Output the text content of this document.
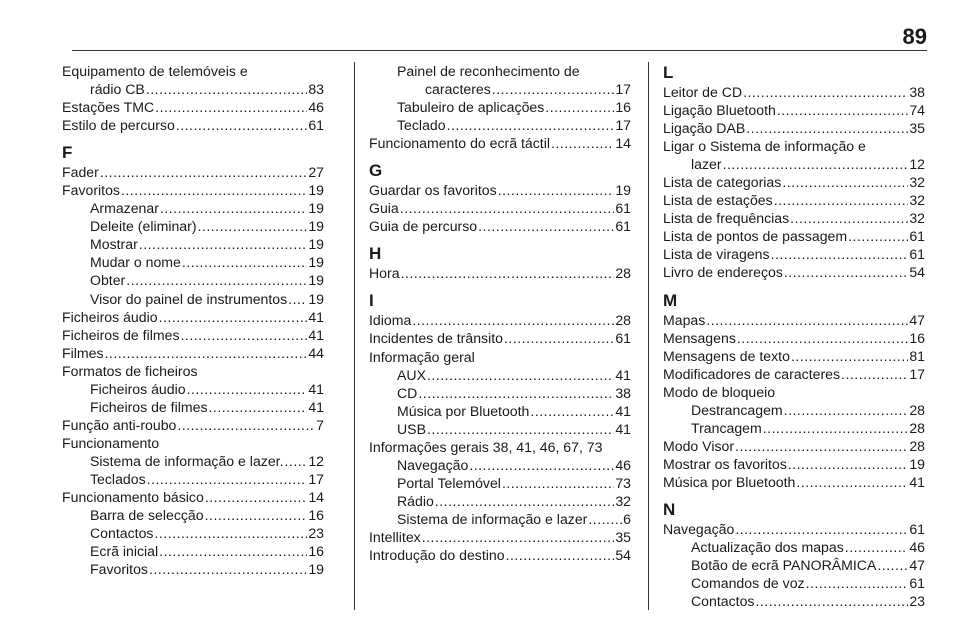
89
Equipamento de telemóveis e
rádio CB .....	83
Estações TMC .....	46
Estilo de percurso .....	61
F
Fader .....	27
Favoritos .....	19
Armazenar .....	19
Deleite (eliminar) .....	19
Mostrar .....	19
Mudar o nome .....	19
Obter .....	19
Visor do painel de instrumentos ..... 19
Ficheiros áudio .....	41
Ficheiros de filmes .....	41
Filmes .....	44
Formatos de ficheiros
Ficheiros áudio .....	41
Ficheiros de filmes .....	41
Função anti-roubo .....	7
Funcionamento
Sistema de informação e lazer. ..... 12
Teclados .....	17
Funcionamento básico .....	14
Barra de selecção .....	16
Contactos .....	23
Ecrã inicial .....	16
Favoritos .....	19
Painel de reconhecimento de
caracteres .....	17
Tabuleiro de aplicações .....	16
Teclado .....	17
Funcionamento do ecrã táctil .....	14
G
Guardar os favoritos .....	19
Guia .....	61
Guia de percurso .....	61
H
Hora .....	28
I
Idioma .....	28
Incidentes de trânsito .....	61
Informação geral
AUX .....	41
CD .....	38
Música por Bluetooth .....	41
USB .....	41
Informações gerais 38, 41, 46, 67, 73
Navegação .....	46
Portal Telemóvel .....	73
Rádio .....	32
Sistema de informação e lazer .....	6
Intellitex .....	35
Introdução do destino .....	54
L
Leitor de CD .....	38
Ligação Bluetooth .....	74
Ligação DAB .....	35
Ligar o Sistema de informação e
lazer .....	12
Lista de categorias .....	32
Lista de estações .....	32
Lista de frequências .....	32
Lista de pontos de passagem .....	61
Lista de viragens .....	61
Livro de endereços .....	54
M
Mapas .....	47
Mensagens .....	16
Mensagens de texto .....	81
Modificadores de caracteres .....	17
Modo de bloqueio
Destrancagem .....	28
Trancagem .....	28
Modo Visor .....	28
Mostrar os favoritos .....	19
Música por Bluetooth .....	41
N
Navegação .....	61
Actualização dos mapas .....	46
Botão de ecrã PANORÂMICA ..... 47
Comandos de voz .....	61
Contactos .....	23
